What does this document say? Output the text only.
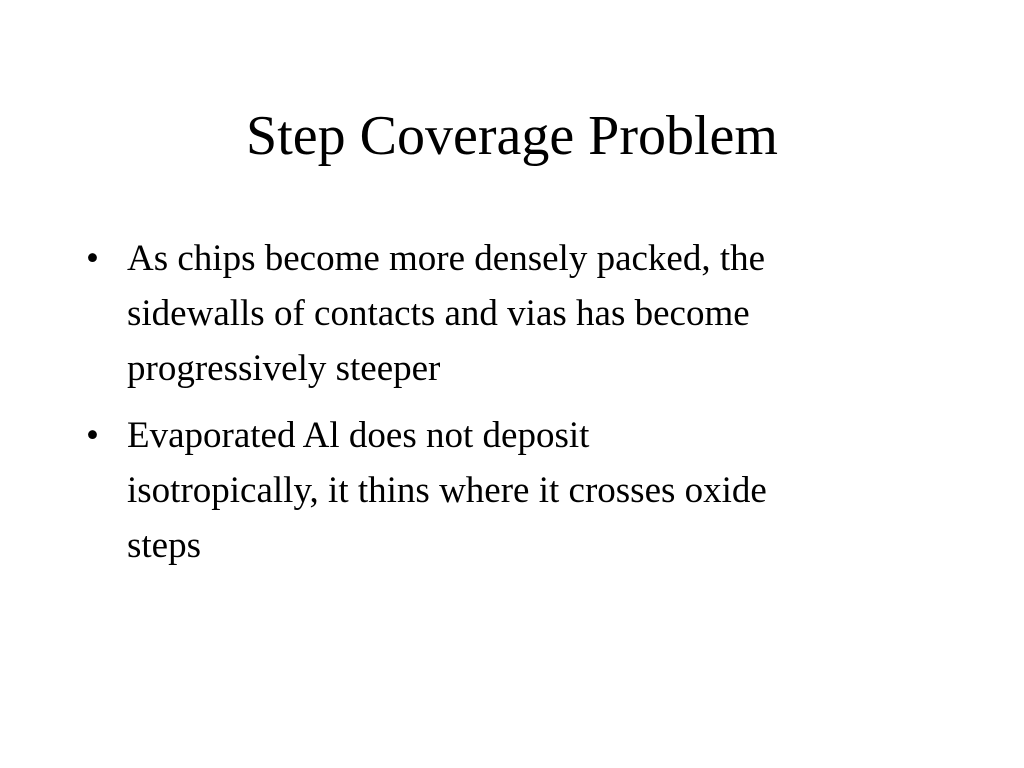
Step Coverage Problem
• As chips become more densely packed, the
sidewalls of contacts and vias has become
progressively steeper
• Evaporated Al does not deposit
isotropically, it thins where it crosses oxide
steps
